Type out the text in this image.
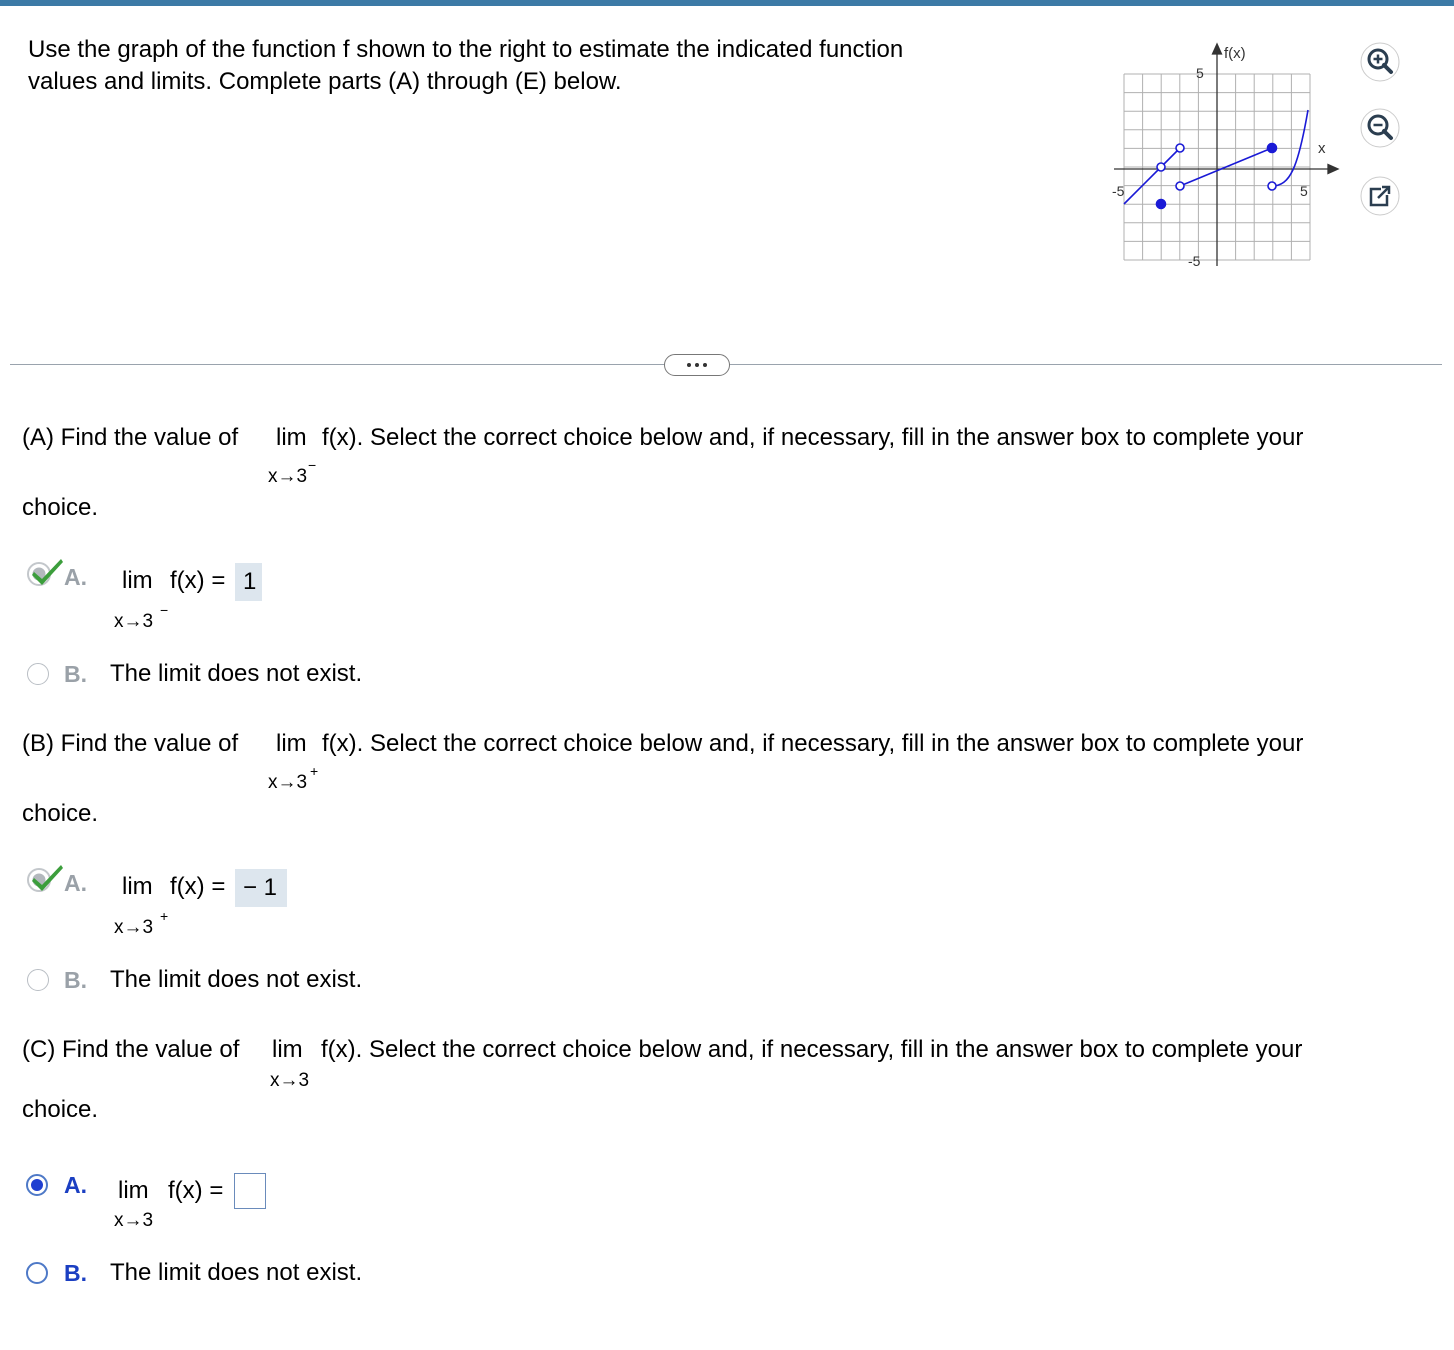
Use the graph of the function f shown to the right to estimate the indicated function
values and limits. Complete parts (A) through (E) below.
f(x)
x
5
-5
-5	5
(A) Find the value of lim f(x). Select the correct choice below and, if necessary, fill in the answer box to complete your
x→3
−
choice.
A. lim f(x) = 1
x→3
−
B. The limit does not exist.
(B) Find the value of lim f(x). Select the correct choice below and, if necessary, fill in the answer box to complete your
x→3
+
choice.
A. lim f(x) = − 1
x→3
+
B. The limit does not exist.
(C) Find the value of lim f(x). Select the correct choice below and, if necessary, fill in the answer box to complete your
x→3
choice.
A. lim f(x) =
x→3
B. The limit does not exist.
